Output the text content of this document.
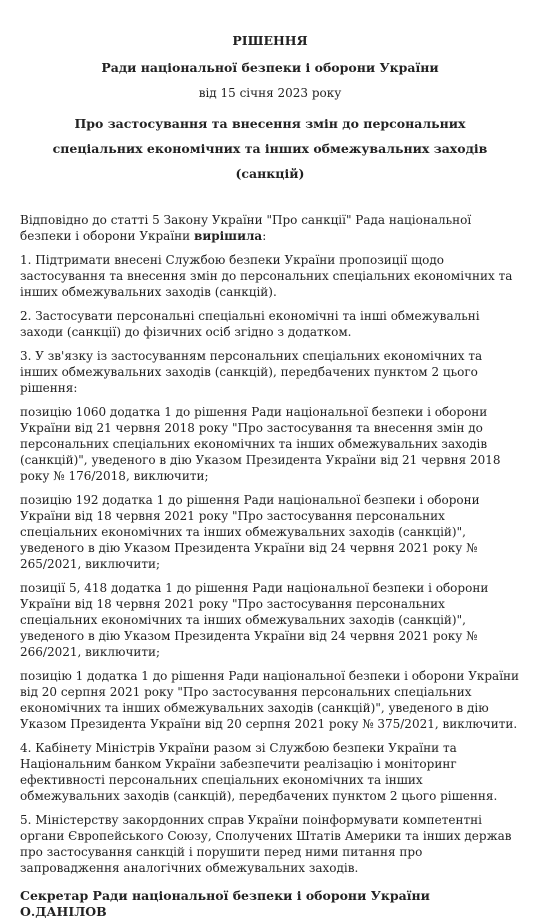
РІШЕННЯ
Ради національної безпеки і оборони України
від 15 січня 2023 року
Про застосування та внесення змін до персональних спеціальних економічних та інших обмежувальних заходів (санкцій)

Відповідно до статті 5 Закону України "Про санкції" Рада національної безпеки і оборони України вирішила:

1. Підтримати внесені Службою безпеки України пропозиції щодо застосування та внесення змін до персональних спеціальних економічних та інших обмежувальних заходів (санкцій).

2. Застосувати персональні спеціальні економічні та інші обмежувальні заходи (санкції) до фізичних осіб згідно з додатком.

3. У зв'язку із застосуванням персональних спеціальних економічних та інших обмежувальних заходів (санкцій), передбачених пунктом 2 цього рішення:

позицію 1060 додатка 1 до рішення Ради національної безпеки і оборони України від 21 червня 2018 року "Про застосування та внесення змін до персональних спеціальних економічних та інших обмежувальних заходів (санкцій)", уведеного в дію Указом Президента України від 21 червня 2018 року № 176/2018, виключити;

позицію 192 додатка 1 до рішення Ради національної безпеки і оборони України від 18 червня 2021 року "Про застосування персональних спеціальних економічних та інших обмежувальних заходів (санкцій)", уведеного в дію Указом Президента України від 24 червня 2021 року № 265/2021, виключити;

позиції 5, 418 додатка 1 до рішення Ради національної безпеки і оборони України від 18 червня 2021 року "Про застосування персональних спеціальних економічних та інших обмежувальних заходів (санкцій)", уведеного в дію Указом Президента України від 24 червня 2021 року № 266/2021, виключити;

позицію 1 додатка 1 до рішення Ради національної безпеки і оборони України від 20 серпня 2021 року "Про застосування персональних спеціальних економічних та інших обмежувальних заходів (санкцій)", уведеного в дію Указом Президента України від 20 серпня 2021 року № 375/2021, виключити.

4. Кабінету Міністрів України разом зі Службою безпеки України та Національним банком України забезпечити реалізацію і моніторинг ефективності персональних спеціальних економічних та інших обмежувальних заходів (санкцій), передбачених пунктом 2 цього рішення.

5. Міністерству закордонних справ України поінформувати компетентні органи Європейського Союзу, Сполучених Штатів Америки та інших держав про застосування санкцій і порушити перед ними питання про запровадження аналогічних обмежувальних заходів.

Секретар Ради національної безпеки і оборони України О.ДАНІЛОВ
